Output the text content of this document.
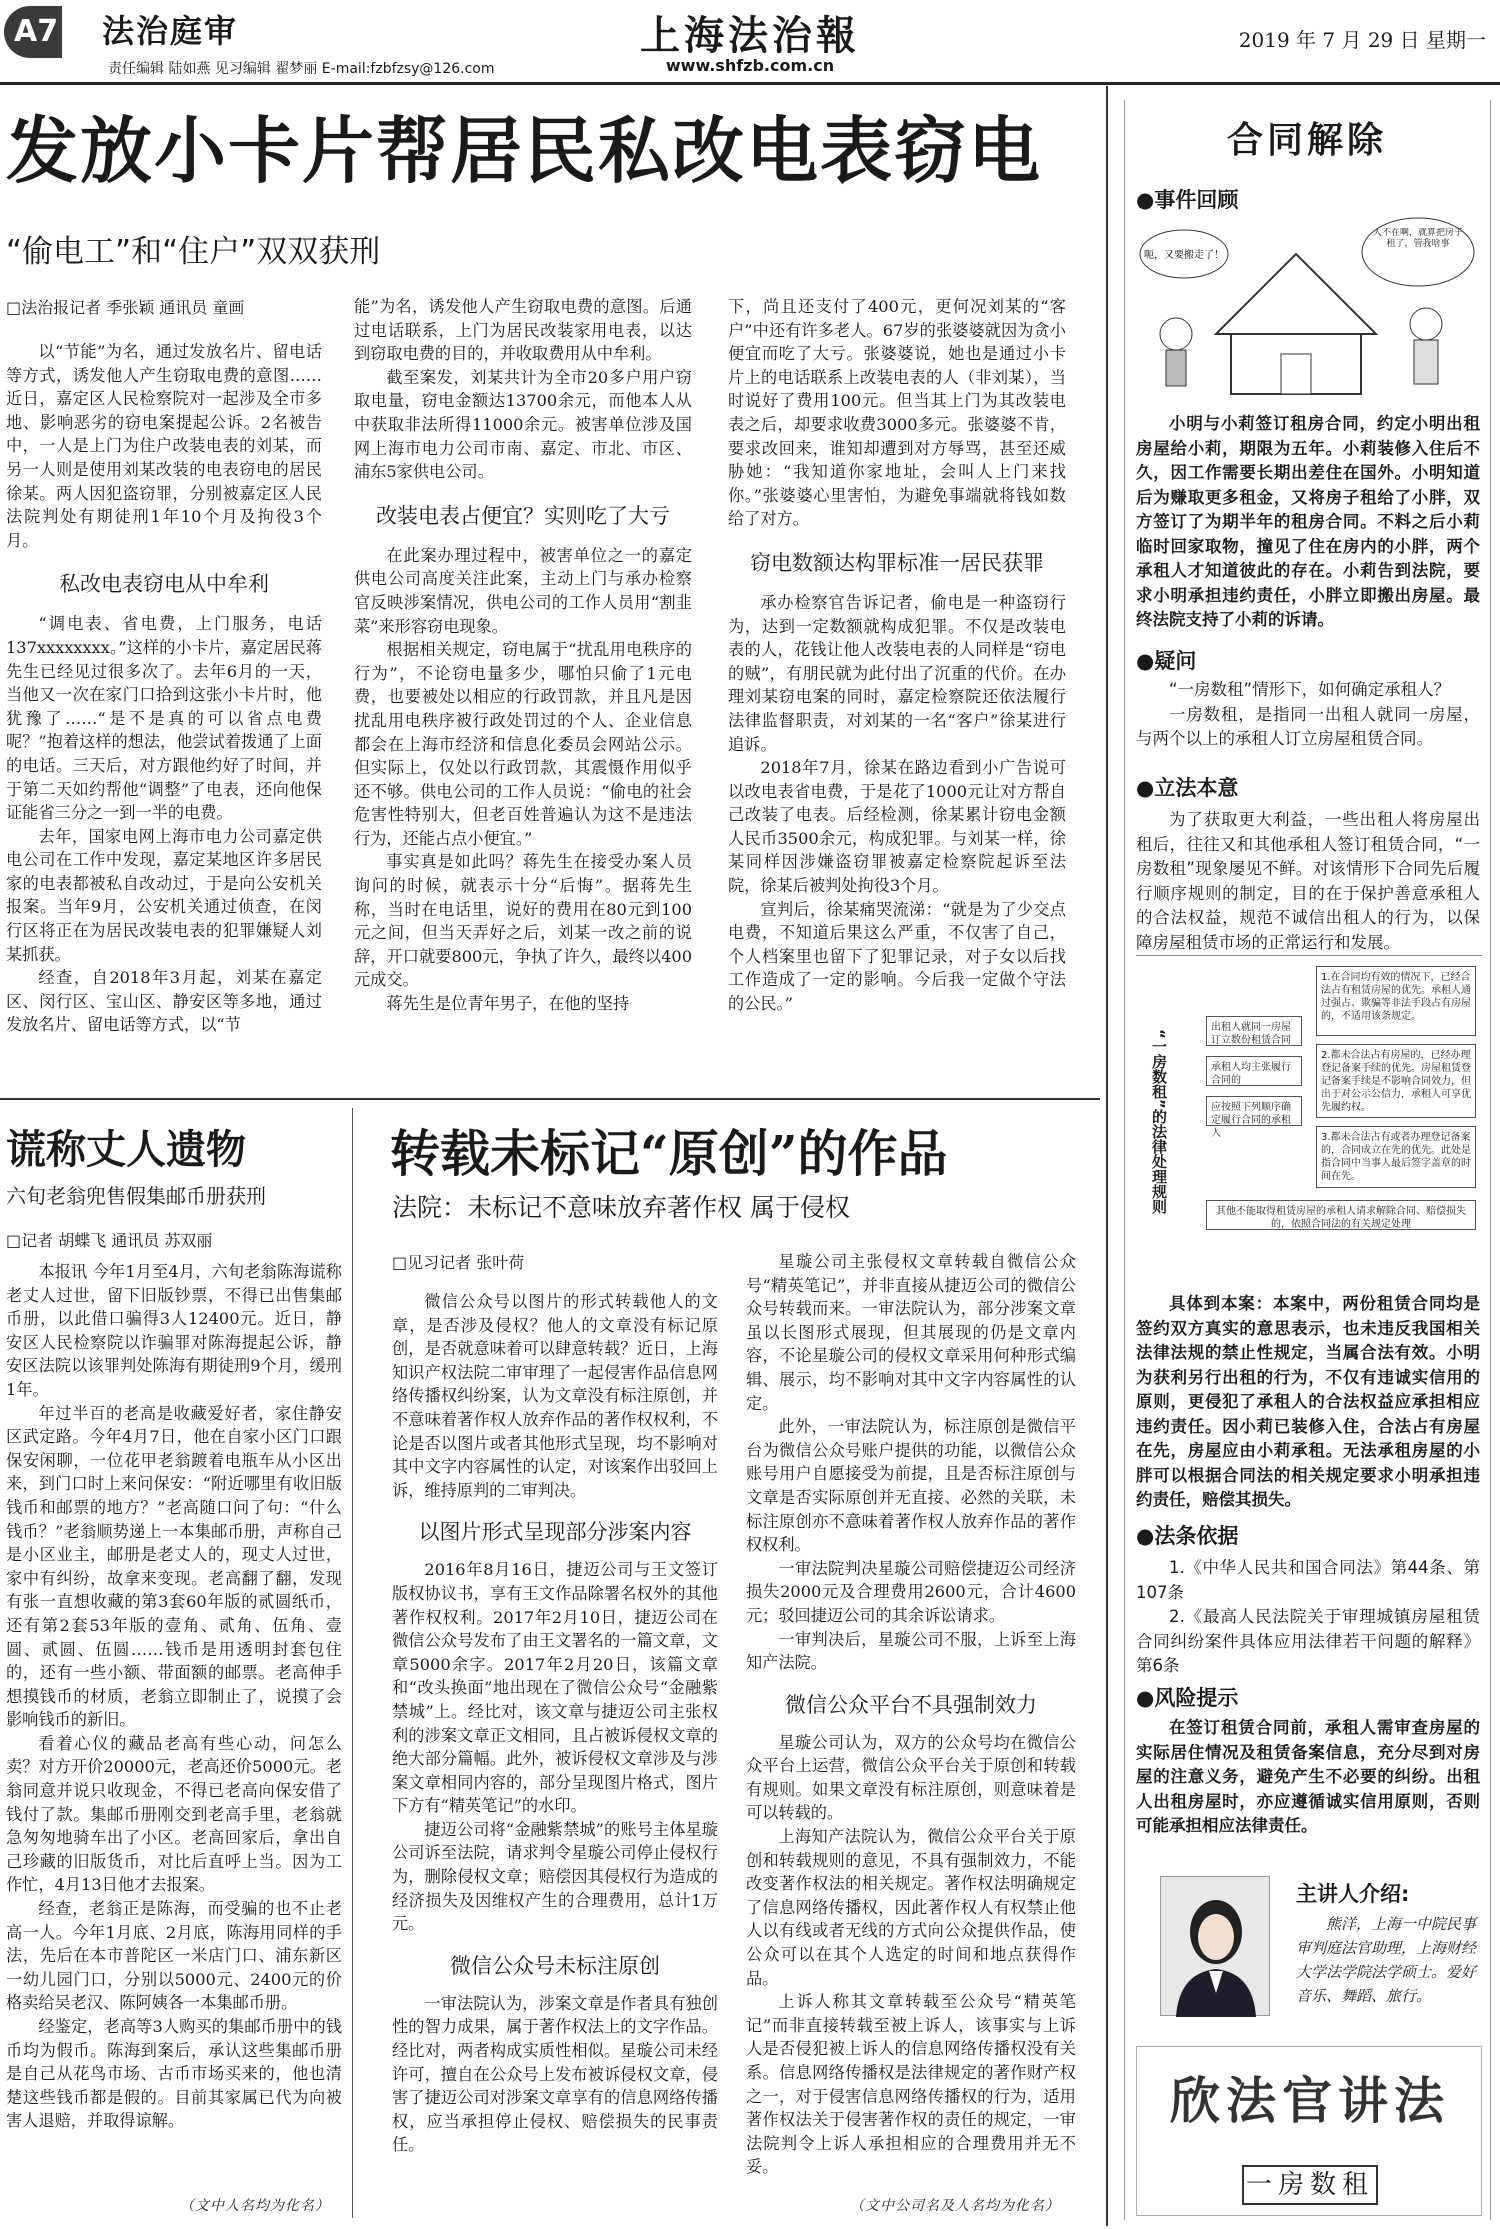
A7 法治庭审
责任编辑 陆如燕 见习编辑 翟梦丽 E-mail:fzbfzsy@126.com
上海法治報
www.shfzb.com.cn
2019 年 7 月 29 日 星期一
发放小卡片帮居民私改电表窃电
“偷电工”和“住户”双双获刑
□法治报记者 季张颖 通讯员 童画

以“节能”为名，通过发放名片、留电话等方式，诱发他人产生窃取电费的意图……近日，嘉定区人民检察院对一起涉及全市多地、影响恶劣的窃电案提起公诉。2名被告中，一人是上门为住户改装电表的刘某，而另一人则是使用刘某改装的电表窃电的居民徐某。两人因犯盗窃罪，分别被嘉定区人民法院判处有期徒刑1年10个月及拘役3个月。

私改电表窃电从中牟利

“调电表、省电费，上门服务，电话137xxxxxxxx。”这样的小卡片，嘉定居民蒋先生已经见过很多次了。去年6月的一天，当他又一次在家门口拾到这张小卡片时，他犹豫了……“是不是真的可以省点电费呢？”抱着这样的想法，他尝试着拨通了上面的电话。三天后，对方跟他约好了时间，并于第二天如约帮他“调整”了电表，还向他保证能省三分之一到一半的电费。

去年，国家电网上海市电力公司嘉定供电公司在工作中发现，嘉定某地区许多居民家的电表都被私自改动过，于是向公安机关报案。当年9月，公安机关通过侦查，在闵行区将正在为居民改装电表的犯罪嫌疑人刘某抓获。

经查，自2018年3月起，刘某在嘉定区、闵行区、宝山区、静安区等多地，通过发放名片、留电话等方式，以“节

能”为名，诱发他人产生窃取电费的意图。后通过电话联系，上门为居民改装家用电表，以达到窃取电费的目的，并收取费用从中牟利。

截至案发，刘某共计为全市20多户用户窃取电量，窃电金额达13700余元，而他本人从中获取非法所得11000余元。被害单位涉及国网上海市电力公司市南、嘉定、市北、市区、浦东5家供电公司。

改装电表占便宜？实则吃了大亏

在此案办理过程中，被害单位之一的嘉定供电公司高度关注此案，主动上门与承办检察官反映涉案情况，供电公司的工作人员用“割韭菜”来形容窃电现象。

根据相关规定，窃电属于“扰乱用电秩序的行为”，不论窃电量多少，哪怕只偷了1元电费，也要被处以相应的行政罚款，并且凡是因扰乱用电秩序被行政处罚过的个人、企业信息都会在上海市经济和信息化委员会网站公示。但实际上，仅处以行政罚款，其震慑作用似乎还不够。供电公司的工作人员说：“偷电的社会危害性特别大，但老百姓普遍认为这不是违法行为，还能占点小便宜。”

事实真是如此吗？蒋先生在接受办案人员询问的时候，就表示十分“后悔”。据蒋先生称，当时在电话里，说好的费用在80元到100元之间，但当天弄好之后，刘某一改之前的说辞，开口就要800元，争执了许久，最终以400元成交。

蒋先生是位青年男子，在他的坚持

下，尚且还支付了400元，更何况刘某的“客户”中还有许多老人。67岁的张婆婆就因为贪小便宜而吃了大亏。张婆婆说，她也是通过小卡片上的电话联系上改装电表的人（非刘某），当时说好了费用100元。但当其上门为其改装电表之后，却要求收费3000多元。张婆婆不肯，要求改回来，谁知却遭到对方辱骂，甚至还威胁她：“我知道你家地址，会叫人上门来找你。”张婆婆心里害怕，为避免事端就将钱如数给了对方。

窃电数额达构罪标准一居民获罪

承办检察官告诉记者，偷电是一种盗窃行为，达到一定数额就构成犯罪。不仅是改装电表的人，花钱让他人改装电表的人同样是“窃电的贼”，有朋民就为此付出了沉重的代价。在办理刘某窃电案的同时，嘉定检察院还依法履行法律监督职责，对刘某的一名“客户”徐某进行追诉。

2018年7月，徐某在路边看到小广告说可以改电表省电费，于是花了1000元让对方帮自己改装了电表。后经检测，徐某累计窃电金额人民币3500余元，构成犯罪。与刘某一样，徐某同样因涉嫌盗窃罪被嘉定检察院起诉至法院，徐某后被判处拘役3个月。

宣判后，徐某痛哭流涕：“就是为了少交点电费，不知道后果这么严重，不仅害了自己，个人档案里也留下了犯罪记录，对子女以后找工作造成了一定的影响。今后我一定做个守法的公民。”

谎称丈人遗物
六旬老翁兜售假集邮币册获刑
□记者 胡蝶飞 通讯员 苏双丽

本报讯 今年1月至4月，六旬老翁陈海谎称老丈人过世，留下旧版钞票，不得已出售集邮币册，以此借口骗得3人12400元。近日，静安区人民检察院以诈骗罪对陈海提起公诉，静安区法院以该罪判处陈海有期徒刑9个月，缓刑1年。

年过半百的老高是收藏爱好者，家住静安区武定路。今年4月7日，他在自家小区门口跟保安闲聊，一位花甲老翁踱着电瓶车从小区出来，到门口时上来问保安：“附近哪里有收旧版钱币和邮票的地方？”老高随口问了句：“什么钱币？”老翁顺势递上一本集邮币册，声称自己是小区业主，邮册是老丈人的，现丈人过世，家中有纠纷，故拿来变现。老高翻了翻，发现有张一直想收藏的第3套60年版的贰圆纸币，还有第2套53年版的壹角、贰角、伍角、壹圆、贰圆、伍圆……钱币是用透明封套包住的，还有一些小额、带面额的邮票。老高伸手想摸钱币的材质，老翁立即制止了，说摸了会影响钱币的新旧。

看着心仪的藏品老高有些心动，问怎么卖？对方开价20000元，老高还价5000元。老翁同意并说只收现金，不得已老高向保安借了钱付了款。集邮币册刚交到老高手里，老翁就急匆匆地骑车出了小区。老高回家后，拿出自己珍藏的旧版货币，对比后直呼上当。因为工作忙，4月13日他才去报案。

经查，老翁正是陈海，而受骗的也不止老高一人。今年1月底、2月底，陈海用同样的手法，先后在本市普陀区一米店门口、浦东新区一幼儿园门口，分别以5000元、2400元的价格卖给吴老汉、陈阿姨各一本集邮币册。

经鉴定，老高等3人购买的集邮币册中的钱币均为假币。陈海到案后，承认这些集邮币册是自己从花鸟市场、古币市场买来的，他也清楚这些钱币都是假的。目前其家属已代为向被害人退赔，并取得谅解。

（文中人名均为化名）
转载未标记“原创”的作品
法院：未标记不意味放弃著作权 属于侵权
□见习记者 张叶荷

微信公众号以图片的形式转载他人的文章，是否涉及侵权？他人的文章没有标记原创，是否就意味着可以肆意转载？近日，上海知识产权法院二审审理了一起侵害作品信息网络传播权纠纷案，认为文章没有标注原创，并不意味着著作权人放弃作品的著作权权利，不论是否以图片或者其他形式呈现，均不影响对其中文字内容属性的认定，对该案作出驳回上诉，维持原判的二审判决。

以图片形式呈现部分涉案内容

2016年8月16日，捷迈公司与王文签订版权协议书，享有王文作品除署名权外的其他著作权权利。2017年2月10日，捷迈公司在微信公众号发布了由王文署名的一篇文章，文章5000余字。2017年2月20日，该篇文章和“改头换面”地出现在了微信公众号“金融紫禁城”上。经比对，该文章与捷迈公司主张权利的涉案文章正文相同，且占被诉侵权文章的绝大部分篇幅。此外，被诉侵权文章涉及与涉案文章相同内容的，部分呈现图片格式，图片下方有“精英笔记”的水印。

捷迈公司将“金融紫禁城”的账号主体星璇公司诉至法院，请求判令星璇公司停止侵权行为，删除侵权文章；赔偿因其侵权行为造成的经济损失及因维权产生的合理费用，总计1万元。

微信公众号未标注原创

一审法院认为，涉案文章是作者具有独创性的智力成果，属于著作权法上的文字作品。经比对，两者构成实质性相似。星璇公司未经许可，擅自在公众号上发布被诉侵权文章，侵害了捷迈公司对涉案文章享有的信息网络传播权，应当承担停止侵权、赔偿损失的民事责任。

星璇公司主张侵权文章转载自微信公众号“精英笔记”，并非直接从捷迈公司的微信公众号转载而来。一审法院认为，部分涉案文章虽以长图形式展现，但其展现的仍是文章内容，不论星璇公司的侵权文章采用何种形式编辑、展示，均不影响对其中文字内容属性的认定。

此外，一审法院认为，标注原创是微信平台为微信公众号账户提供的功能，以微信公众账号用户自愿接受为前提，且是否标注原创与文章是否实际原创并无直接、必然的关联，未标注原创亦不意味着著作权人放弃作品的著作权权利。

一审法院判决星璇公司赔偿捷迈公司经济损失2000元及合理费用2600元，合计4600元；驳回捷迈公司的其余诉讼请求。

一审判决后，星璇公司不服，上诉至上海知产法院。

微信公众平台不具强制效力

星璇公司认为，双方的公众号均在微信公众平台上运营，微信公众平台关于原创和转载有规则。如果文章没有标注原创，则意味着是可以转载的。

上海知产法院认为，微信公众平台关于原创和转载规则的意见，不具有强制效力，不能改变著作权法的相关规定。著作权法明确规定了信息网络传播权，因此著作权人有权禁止他人以有线或者无线的方式向公众提供作品，使公众可以在其个人选定的时间和地点获得作品。

上诉人称其文章转载至公众号“精英笔记”而非直接转载至被上诉人，该事实与上诉人是否侵犯被上诉人的信息网络传播权没有关系。信息网络传播权是法律规定的著作财产权之一，对于侵害信息网络传播权的行为，适用著作权法关于侵害著作权的责任的规定，一审法院判令上诉人承担相应的合理费用并无不妥。

（文中公司名及人名均为化名）
合同解除
●事件回顾
呃，又要搬走了！
人不在啊，就算把房子租了，管我啥事
小明与小莉签订租房合同，约定小明出租房屋给小莉，期限为五年。小莉装修入住后不久，因工作需要长期出差住在国外。小明知道后为赚取更多租金，又将房子租给了小胖，双方签订了为期半年的租房合同。不料之后小莉临时回家取物，撞见了住在房内的小胖，两个承租人才知道彼此的存在。小莉告到法院，要求小明承担违约责任，小胖立即搬出房屋。最终法院支持了小莉的诉请。
●疑问

“一房数租”情形下，如何确定承租人？

一房数租，是指同一出租人就同一房屋，与两个以上的承租人订立房屋租赁合同。

●立法本意
为了获取更大利益，一些出租人将房屋出租后，往往又和其他承租人签订租赁合同，“一房数租”现象屡见不鲜。对该情形下合同先后履行顺序规则的制定，目的在于保护善意承租人的合法权益，规范不诚信出租人的行为，以保障房屋租赁市场的正常运行和发展。
“一房数租”的法律处理规则
出租人就同一房屋订立数份租赁合同
承租人均主张履行合同的
应按照下列顺序确定履行合同的承租人
1.在合同均有效的情况下，已经合法占有租赁房屋的优先。承租人通过强占、欺骗等非法手段占有房屋的，不适用该条规定。
2.都未合法占有房屋的，已经办理登记备案手续的优先。房屋租赁登记备案手续是不影响合同效力，但出于对公示公信力，承租人可享优先履约权。
3.都未合法占有或者办理登记备案的，合同成立在先的优先。此处是指合同中当事人最后签字盖章的时间在先。
其他不能取得租赁房屋的承租人请求解除合同、赔偿损失的，依照合同法的有关规定处理
具体到本案：本案中，两份租赁合同均是签约双方真实的意思表示，也未违反我国相关法律法规的禁止性规定，当属合法有效。小明为获利另行出租的行为，不仅有违诚实信用的原则，更侵犯了承租人的合法权益应承担相应违约责任。因小莉已装修入住，合法占有房屋在先，房屋应由小莉承租。无法承租房屋的小胖可以根据合同法的相关规定要求小明承担违约责任，赔偿其损失。
●法条依据

1.《中华人民共和国合同法》第44条、第107条

2.《最高人民法院关于审理城镇房屋租赁合同纠纷案件具体应用法律若干问题的解释》第6条

●风险提示
在签订租赁合同前，承租人需审查房屋的实际居住情况及租赁备案信息，充分尽到对房屋的注意义务，避免产生不必要的纠纷。出租人出租房屋时，亦应遵循诚实信用原则，否则可能承担相应法律责任。
主讲人介绍:
熊洋，上海一中院民事审判庭法官助理，上海财经大学法学院法学硕士。爱好音乐、舞蹈、旅行。
欣法官讲法
一房数租
